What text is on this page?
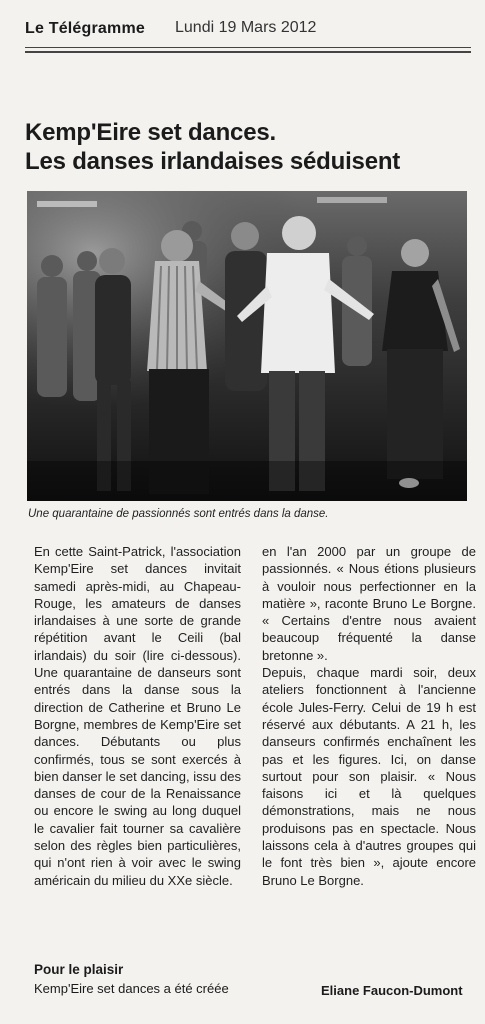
Le Télégramme Lundi 19 Mars 2012
Kemp'Eire set dances.
Les danses irlandaises séduisent
Une quarantaine de passionnés sont entrés dans la danse.

En cette Saint-Patrick, l'association Kemp'Eire set dances invitait samedi après-midi, au Chapeau-Rouge, les amateurs de danses irlandaises à une sorte de grande répétition avant le Ceili (bal irlandais) du soir (lire ci-dessous). Une quarantaine de danseurs sont entrés dans la danse sous la direction de Catherine et Bruno Le Borgne, membres de Kemp'Eire set dances. Débutants ou plus confirmés, tous se sont exercés à bien danser le set dancing, issu des danses de cour de la Renaissance ou encore le swing au long duquel le cavalier fait tourner sa cavalière selon des règles bien particulières, qui n'ont rien à voir avec le swing américain du milieu du XXe siècle.

en l'an 2000 par un groupe de passionnés. « Nous étions plusieurs à vouloir nous perfectionner en la matière », raconte Bruno Le Borgne. « Certains d'entre nous avaient beaucoup fréquenté la danse bretonne ».

Depuis, chaque mardi soir, deux ateliers fonctionnent à l'ancienne école Jules-Ferry. Celui de 19 h est réservé aux débutants. A 21 h, les danseurs confirmés enchaînent les pas et les figures. Ici, on danse surtout pour son plaisir. « Nous faisons ici et là quelques démonstrations, mais ne nous produisons pas en spectacle. Nous laissons cela à d'autres groupes qui le font très bien », ajoute encore Bruno Le Borgne.

Pour le plaisir
Kemp'Eire set dances a été créée	Eliane Faucon-Dumont
